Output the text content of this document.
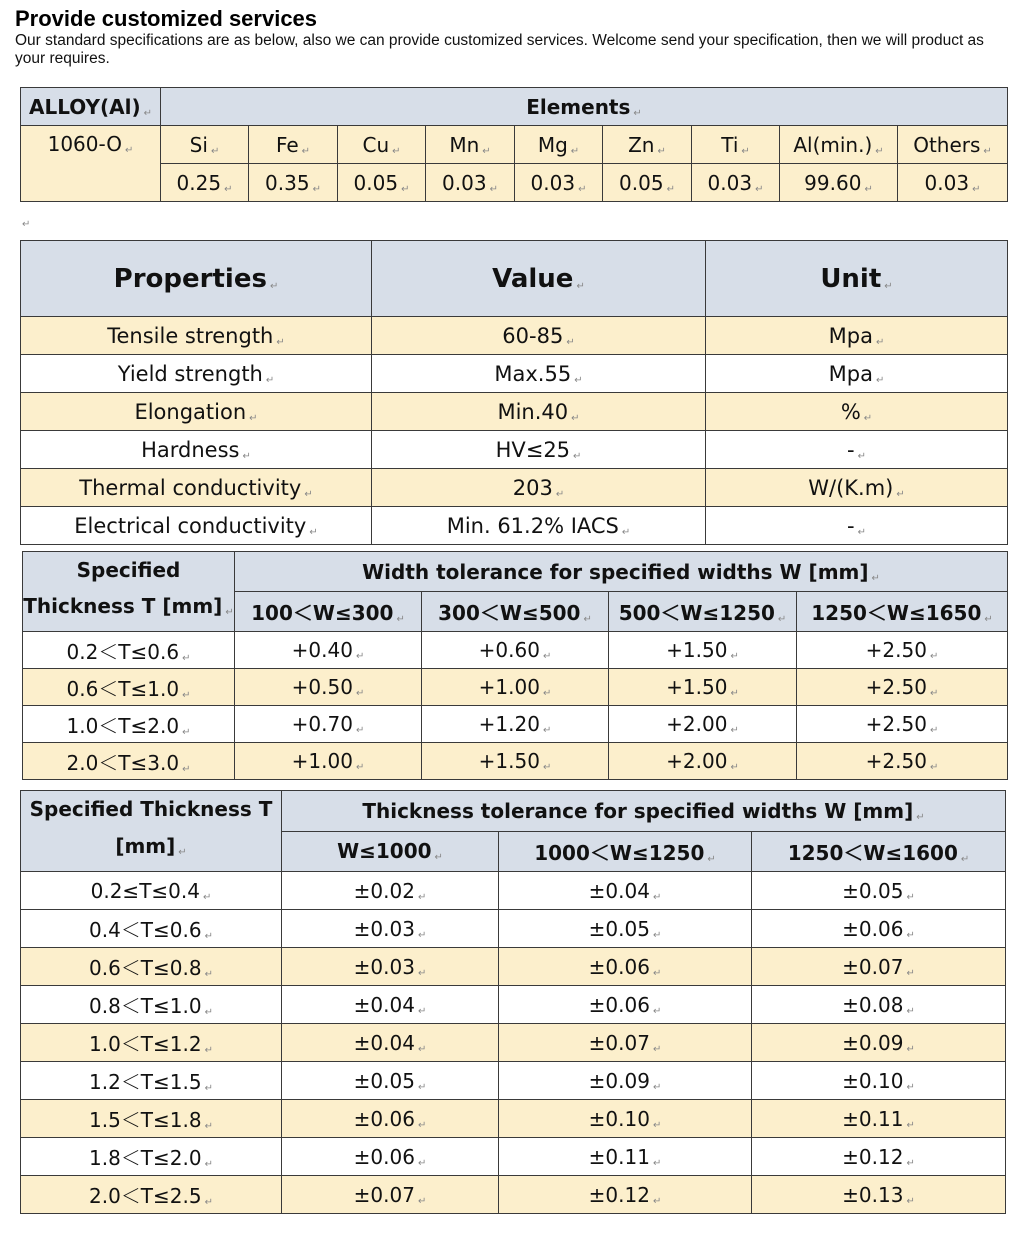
Provide customized services
Our standard specifications are as below, also we can provide customized services. Welcome send your specification, then we will product as your requires.
ALLOY(Al) ↵	Elements ↵
1060-O ↵	Si ↵	Fe ↵	Cu ↵	Mn ↵	Mg ↵	Zn ↵	Ti ↵	Al(min.) ↵	Others ↵
	0.25 ↵	0.35 ↵	0.05 ↵	0.03 ↵	0.03 ↵	0.05 ↵	0.03 ↵	99.60 ↵	0.03 ↵
↵
Properties ↵	Value ↵	Unit ↵
Tensile strength ↵	60-85 ↵	Mpa ↵
Yield strength ↵	Max.55 ↵	Mpa ↵
Elongation ↵	Min.40 ↵	% ↵
Hardness ↵	HV≤25 ↵	- ↵
Thermal conductivity ↵	203 ↵	W/(K.m) ↵
Electrical conductivity ↵	Min. 61.2% IACS ↵	- ↵
Specified
Thickness T [mm] ↵	Width tolerance for specified widths W [mm] ↵
	100＜W≤300 ↵	300＜W≤500 ↵	500＜W≤1250 ↵	1250＜W≤1650 ↵
0.2＜T≤0.6 ↵	+0.40 ↵	+0.60 ↵	+1.50 ↵	+2.50 ↵
0.6＜T≤1.0 ↵	+0.50 ↵	+1.00 ↵	+1.50 ↵	+2.50 ↵
1.0＜T≤2.0 ↵	+0.70 ↵	+1.20 ↵	+2.00 ↵	+2.50 ↵
2.0＜T≤3.0 ↵	+1.00 ↵	+1.50 ↵	+2.00 ↵	+2.50 ↵
Specified Thickness T
[mm] ↵	Thickness tolerance for specified widths W [mm] ↵
	W≤1000 ↵	1000＜W≤1250 ↵	1250＜W≤1600 ↵
0.2≤T≤0.4 ↵	±0.02 ↵	±0.04 ↵	±0.05 ↵
0.4＜T≤0.6 ↵	±0.03 ↵	±0.05 ↵	±0.06 ↵
0.6＜T≤0.8 ↵	±0.03 ↵	±0.06 ↵	±0.07 ↵
0.8＜T≤1.0 ↵	±0.04 ↵	±0.06 ↵	±0.08 ↵
1.0＜T≤1.2 ↵	±0.04 ↵	±0.07 ↵	±0.09 ↵
1.2＜T≤1.5 ↵	±0.05 ↵	±0.09 ↵	±0.10 ↵
1.5＜T≤1.8 ↵	±0.06 ↵	±0.10 ↵	±0.11 ↵
1.8＜T≤2.0 ↵	±0.06 ↵	±0.11 ↵	±0.12 ↵
2.0＜T≤2.5 ↵	±0.07 ↵	±0.12 ↵	±0.13 ↵
